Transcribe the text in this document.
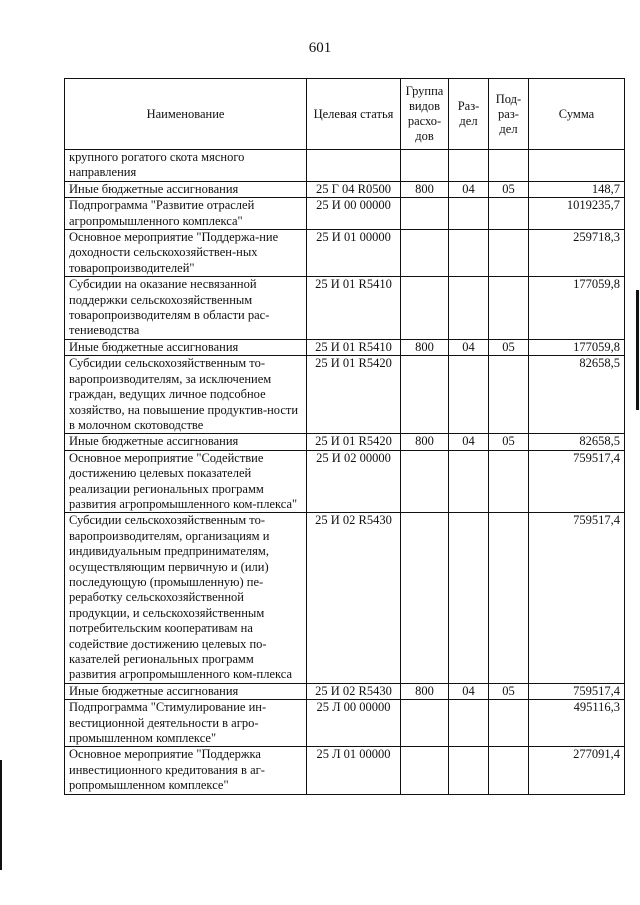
601
Наименование	Целевая статья	Группа видов расхо-дов	Раз-дел	Под-раз-дел	Сумма
крупного рогатого скота мясного направления					
Иные бюджетные ассигнования	25 Г 04 R0500	800	04	05	148,7
Подпрограмма "Развитие отраслей агропромышленного комплекса"	25 И 00 00000				1019235,7
Основное мероприятие "Поддержа-ние доходности сельскохозяйствен-ных товаропроизводителей"	25 И 01 00000				259718,3
Субсидии на оказание несвязанной поддержки сельскохозяйственным товаропроизводителям в области рас-тениеводства	25 И 01 R5410				177059,8
Иные бюджетные ассигнования	25 И 01 R5410	800	04	05	177059,8
Субсидии сельскохозяйственным то-варопроизводителям, за исключением граждан, ведущих личное подсобное хозяйство, на повышение продуктив-ности в молочном скотоводстве	25 И 01 R5420				82658,5
Иные бюджетные ассигнования	25 И 01 R5420	800	04	05	82658,5
Основное мероприятие "Содействие достижению целевых показателей реализации региональных программ развития агропромышленного ком-плекса"	25 И 02 00000				759517,4
Субсидии сельскохозяйственным то-варопроизводителям, организациям и индивидуальным предпринимателям, осуществляющим первичную и (или) последующую (промышленную) пе-реработку сельскохозяйственной продукции, и сельскохозяйственным потребительским кооперативам на содействие достижению целевых по-казателей региональных программ развития агропромышленного ком-плекса	25 И 02 R5430				759517,4
Иные бюджетные ассигнования	25 И 02 R5430	800	04	05	759517,4
Подпрограмма "Стимулирование ин-вестиционной деятельности в агро-промышленном комплексе"	25 Л 00 00000				495116,3
Основное мероприятие "Поддержка инвестиционного кредитования в аг-ропромышленном комплексе"	25 Л 01 00000				277091,4
